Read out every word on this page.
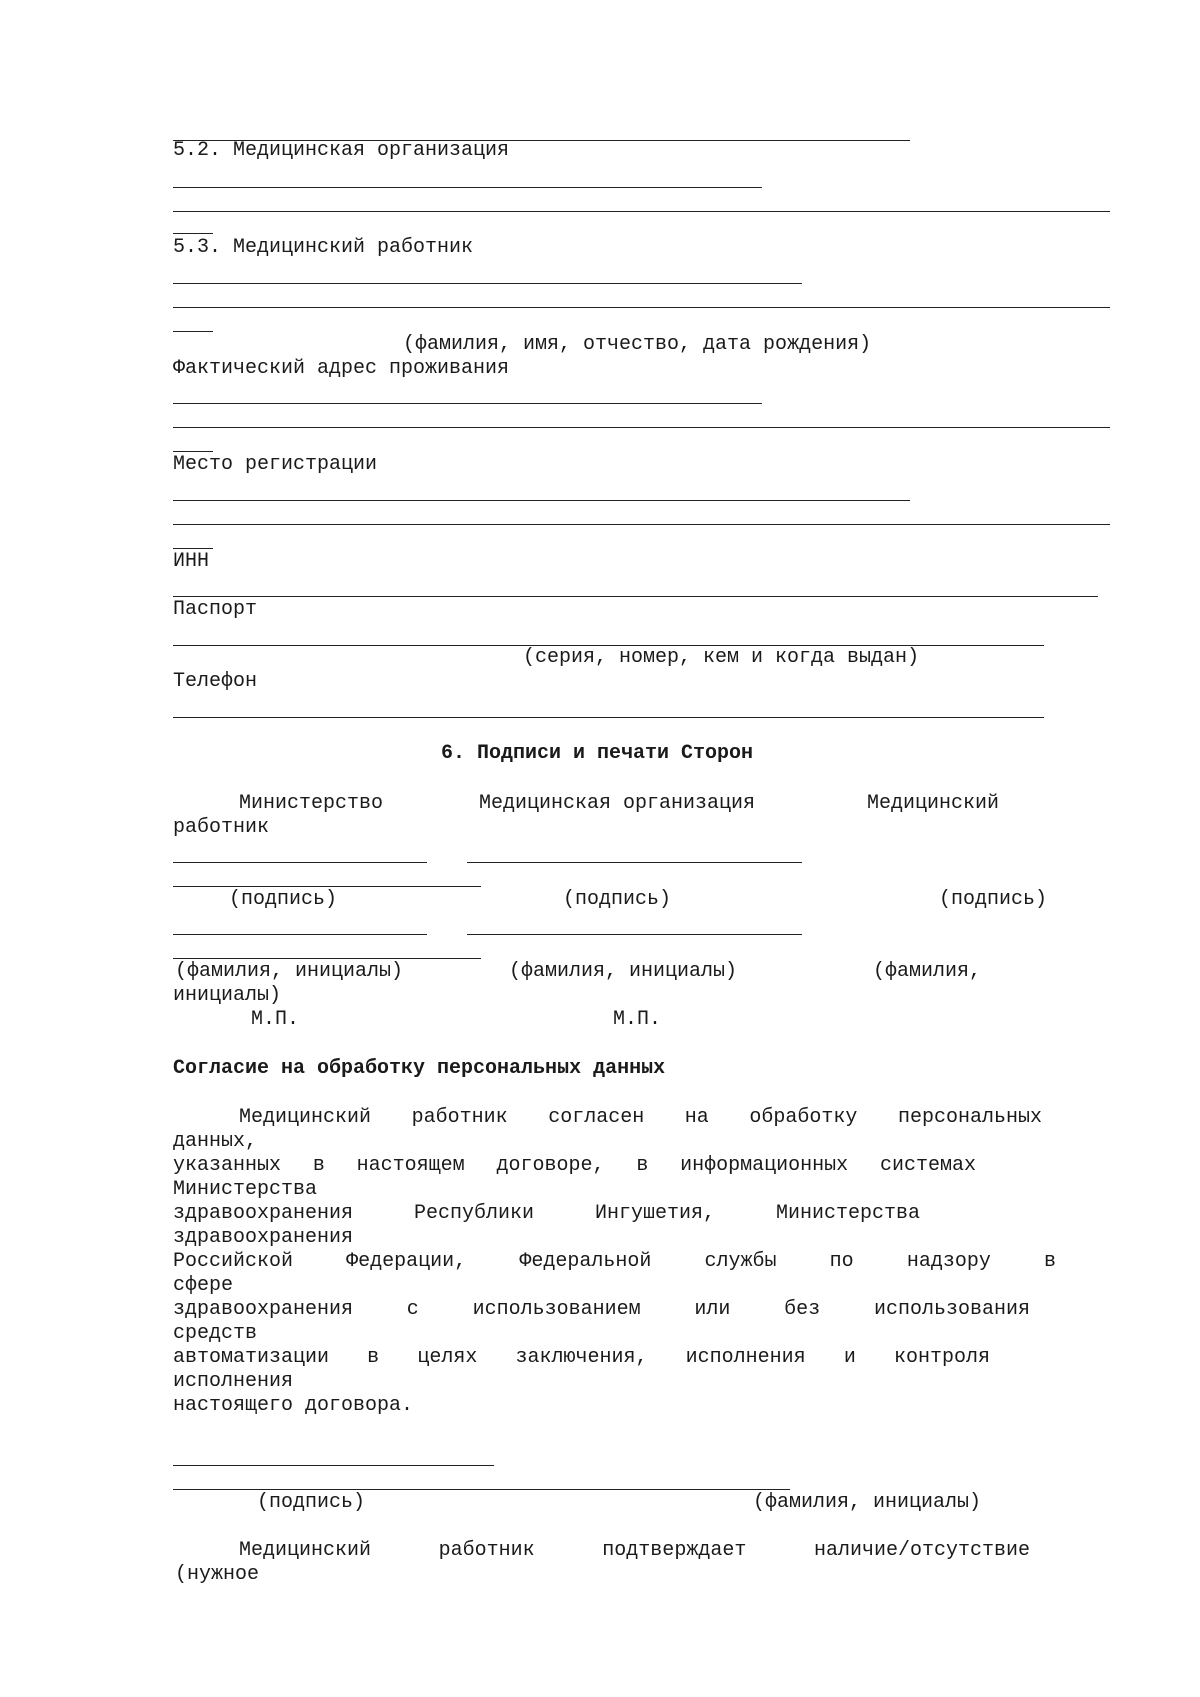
5.2. Медицинская организация
5.3. Медицинский работник
(фамилия, имя, отчество, дата рождения)
Фактический адрес проживания
Место регистрации
ИНН
Паспорт
(серия, номер, кем и когда выдан)
Телефон
6. Подписи и печати Сторон
Министерство	Медицинская организация	Медицинский
работник
(подпись)	(подпись)	(подпись)
(фамилия, инициалы)	(фамилия, инициалы)	(фамилия,
инициалы)
М.П.	М.П.
Согласие на обработку персональных данных
Медицинский работник согласен на обработку персональных
данных,
указанных в настоящем договоре, в информационных системах
Министерства
здравоохранения Республики Ингушетия, Министерства
здравоохранения
Российской Федерации, Федеральной службы по надзору в
сфере
здравоохранения с использованием или без использования
средств
автоматизации в целях заключения, исполнения и контроля
исполнения
настоящего договора.
(подпись)	(фамилия, инициалы)
Медицинский работник подтверждает наличие/отсутствие
(нужное
